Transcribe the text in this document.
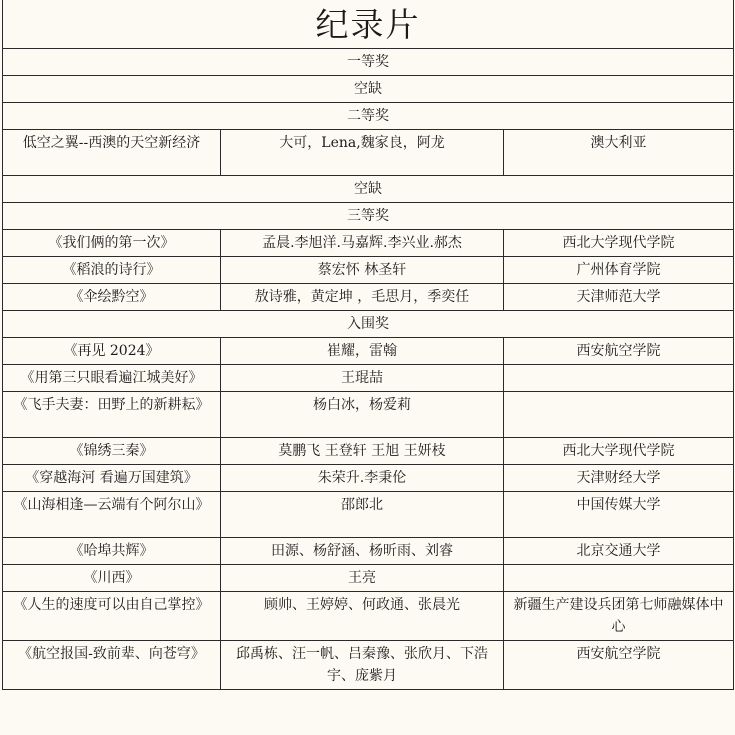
纪录片		
一等奖		
空缺		
二等奖		
低空之翼--西澳的天空新经济	大可，Lena,魏家良，阿龙	澳大利亚
空缺		
三等奖		
《我们俩的第一次》	孟晨.李旭洋.马嘉辉.李兴业.郝杰	西北大学现代学院
《稻浪的诗行》	蔡宏怀 林圣轩	广州体育学院
《伞绘黔空》	敖诗雅，黄定坤 ，毛思月，季奕任	天津师范大学
入围奖		
《再见 2024》	崔耀，雷翰	西安航空学院
《用第三只眼看遍江城美好》	王琨喆	
《飞手夫妻：田野上的新耕耘》	杨白冰，杨爱莉	
《锦绣三秦》	莫鹏飞 王登轩 王旭 王妍枝	西北大学现代学院
《穿越海河 看遍万国建筑》	朱荣升.李秉伦	天津财经大学
《山海相逢—云端有个阿尔山》	邵郎北	中国传媒大学
《哈埠共辉》	田源、杨舒涵、杨昕雨、刘睿	北京交通大学
《川西》	王亮	
《人生的速度可以由自己掌控》	顾帅、王婷婷、何政通、张晨光	新疆生产建设兵团第七师融媒体中心
《航空报国-致前辈、向苍穹》	邱禹栋、汪一帆、吕秦豫、张欣月、下浩宇、庞紫月	西安航空学院
